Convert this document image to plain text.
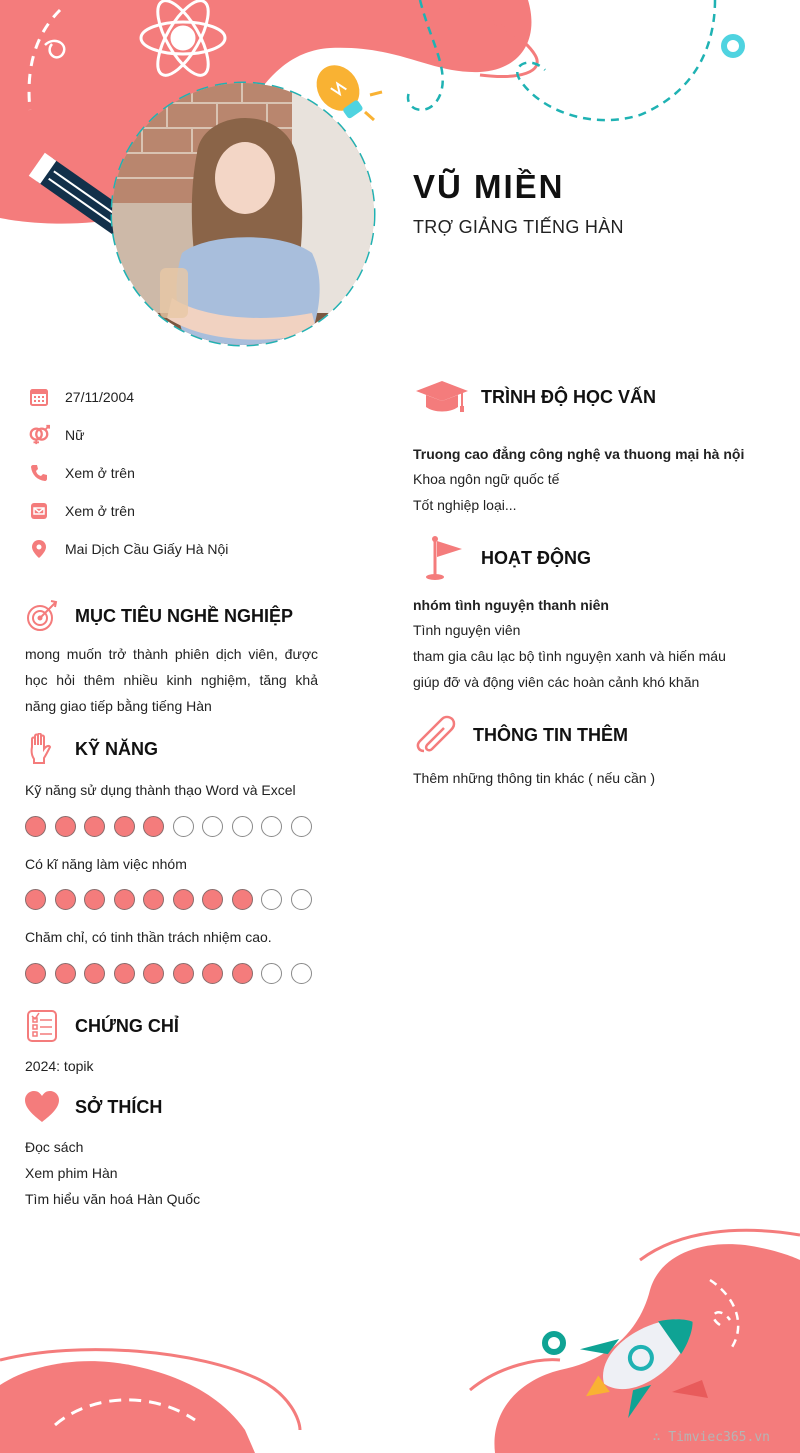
VŨ MIỀN
TRỢ GIẢNG TIẾNG HÀN
27/11/2004
Nữ
Xem ở trên
Xem ở trên
Mai Dịch Cầu Giấy Hà Nội
MỤC TIÊU NGHỀ NGHIỆP
mong muốn trở thành phiên dịch viên, được học hỏi thêm nhiều kinh nghiệm, tăng khả năng giao tiếp bằng tiếng Hàn
KỸ NĂNG
Kỹ năng sử dụng thành thạo Word và Excel
Có kĩ năng làm việc nhóm
Chăm chỉ, có tinh thần trách nhiệm cao.
CHỨNG CHỈ
2024: topik
SỞ THÍCH
Đọc sách
Xem phim Hàn
Tìm hiểu văn hoá Hàn Quốc
TRÌNH ĐỘ HỌC VẤN
Truong cao đẳng công nghệ va thuong mại hà nội
Khoa ngôn ngữ quốc tế
Tốt nghiệp loại...
HOẠT ĐỘNG
nhóm tình nguyện thanh niên
Tình nguyện viên
tham gia câu lạc bộ tình nguyện xanh và hiến máu
giúp đỡ và động viên các hoàn cảnh khó khăn
THÔNG TIN THÊM
Thêm những thông tin khác ( nếu cần )
∴ Timviec365.vn
